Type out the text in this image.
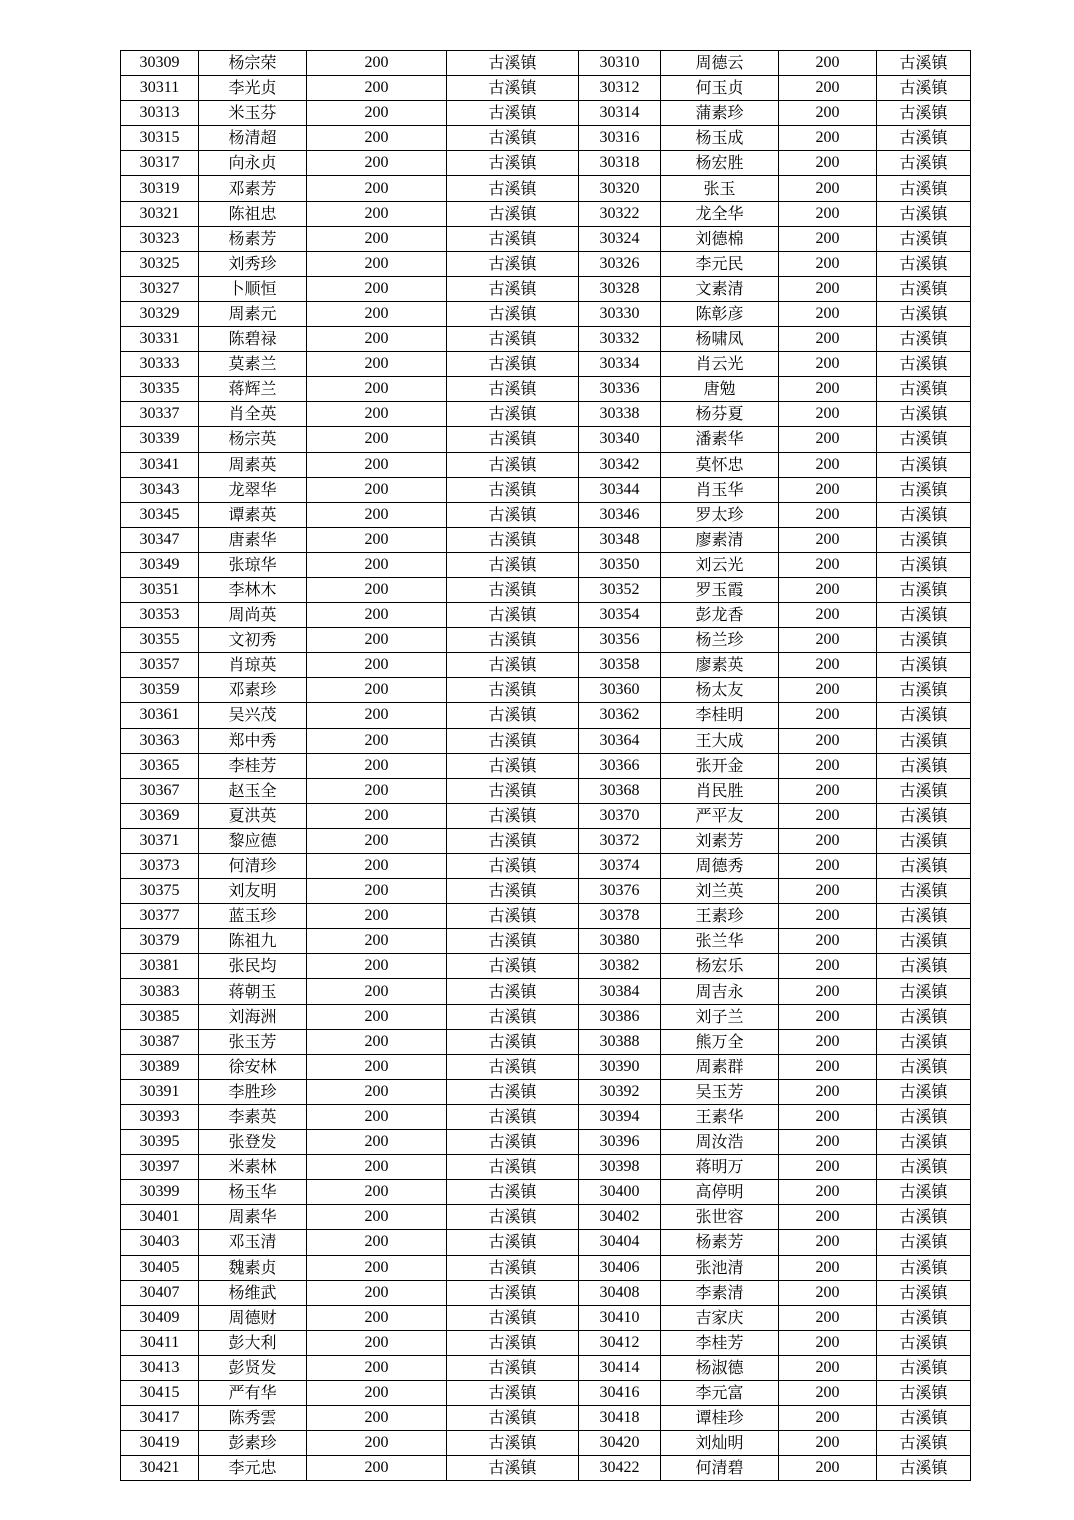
30309	杨宗荣	200	古溪镇	30310	周德云	200	古溪镇
30311	李光贞	200	古溪镇	30312	何玉贞	200	古溪镇
30313	米玉芬	200	古溪镇	30314	蒲素珍	200	古溪镇
30315	杨清超	200	古溪镇	30316	杨玉成	200	古溪镇
30317	向永贞	200	古溪镇	30318	杨宏胜	200	古溪镇
30319	邓素芳	200	古溪镇	30320	张玉	200	古溪镇
30321	陈祖忠	200	古溪镇	30322	龙全华	200	古溪镇
30323	杨素芳	200	古溪镇	30324	刘德棉	200	古溪镇
30325	刘秀珍	200	古溪镇	30326	李元民	200	古溪镇
30327	卜顺恒	200	古溪镇	30328	文素清	200	古溪镇
30329	周素元	200	古溪镇	30330	陈彰彦	200	古溪镇
30331	陈碧禄	200	古溪镇	30332	杨啸凤	200	古溪镇
30333	莫素兰	200	古溪镇	30334	肖云光	200	古溪镇
30335	蒋辉兰	200	古溪镇	30336	唐勉	200	古溪镇
30337	肖全英	200	古溪镇	30338	杨芬夏	200	古溪镇
30339	杨宗英	200	古溪镇	30340	潘素华	200	古溪镇
30341	周素英	200	古溪镇	30342	莫怀忠	200	古溪镇
30343	龙翠华	200	古溪镇	30344	肖玉华	200	古溪镇
30345	谭素英	200	古溪镇	30346	罗太珍	200	古溪镇
30347	唐素华	200	古溪镇	30348	廖素清	200	古溪镇
30349	张琼华	200	古溪镇	30350	刘云光	200	古溪镇
30351	李林木	200	古溪镇	30352	罗玉霞	200	古溪镇
30353	周尚英	200	古溪镇	30354	彭龙香	200	古溪镇
30355	文初秀	200	古溪镇	30356	杨兰珍	200	古溪镇
30357	肖琼英	200	古溪镇	30358	廖素英	200	古溪镇
30359	邓素珍	200	古溪镇	30360	杨太友	200	古溪镇
30361	吴兴茂	200	古溪镇	30362	李桂明	200	古溪镇
30363	郑中秀	200	古溪镇	30364	王大成	200	古溪镇
30365	李桂芳	200	古溪镇	30366	张开金	200	古溪镇
30367	赵玉全	200	古溪镇	30368	肖民胜	200	古溪镇
30369	夏洪英	200	古溪镇	30370	严平友	200	古溪镇
30371	黎应德	200	古溪镇	30372	刘素芳	200	古溪镇
30373	何清珍	200	古溪镇	30374	周德秀	200	古溪镇
30375	刘友明	200	古溪镇	30376	刘兰英	200	古溪镇
30377	蓝玉珍	200	古溪镇	30378	王素珍	200	古溪镇
30379	陈祖九	200	古溪镇	30380	张兰华	200	古溪镇
30381	张民均	200	古溪镇	30382	杨宏乐	200	古溪镇
30383	蒋朝玉	200	古溪镇	30384	周吉永	200	古溪镇
30385	刘海洲	200	古溪镇	30386	刘子兰	200	古溪镇
30387	张玉芳	200	古溪镇	30388	熊万全	200	古溪镇
30389	徐安林	200	古溪镇	30390	周素群	200	古溪镇
30391	李胜珍	200	古溪镇	30392	吴玉芳	200	古溪镇
30393	李素英	200	古溪镇	30394	王素华	200	古溪镇
30395	张登发	200	古溪镇	30396	周汝浩	200	古溪镇
30397	米素林	200	古溪镇	30398	蒋明万	200	古溪镇
30399	杨玉华	200	古溪镇	30400	高停明	200	古溪镇
30401	周素华	200	古溪镇	30402	张世容	200	古溪镇
30403	邓玉清	200	古溪镇	30404	杨素芳	200	古溪镇
30405	魏素贞	200	古溪镇	30406	张池清	200	古溪镇
30407	杨维武	200	古溪镇	30408	李素清	200	古溪镇
30409	周德财	200	古溪镇	30410	吉家庆	200	古溪镇
30411	彭大利	200	古溪镇	30412	李桂芳	200	古溪镇
30413	彭贤发	200	古溪镇	30414	杨淑德	200	古溪镇
30415	严有华	200	古溪镇	30416	李元富	200	古溪镇
30417	陈秀雲	200	古溪镇	30418	谭桂珍	200	古溪镇
30419	彭素珍	200	古溪镇	30420	刘灿明	200	古溪镇
30421	李元忠	200	古溪镇	30422	何清碧	200	古溪镇
